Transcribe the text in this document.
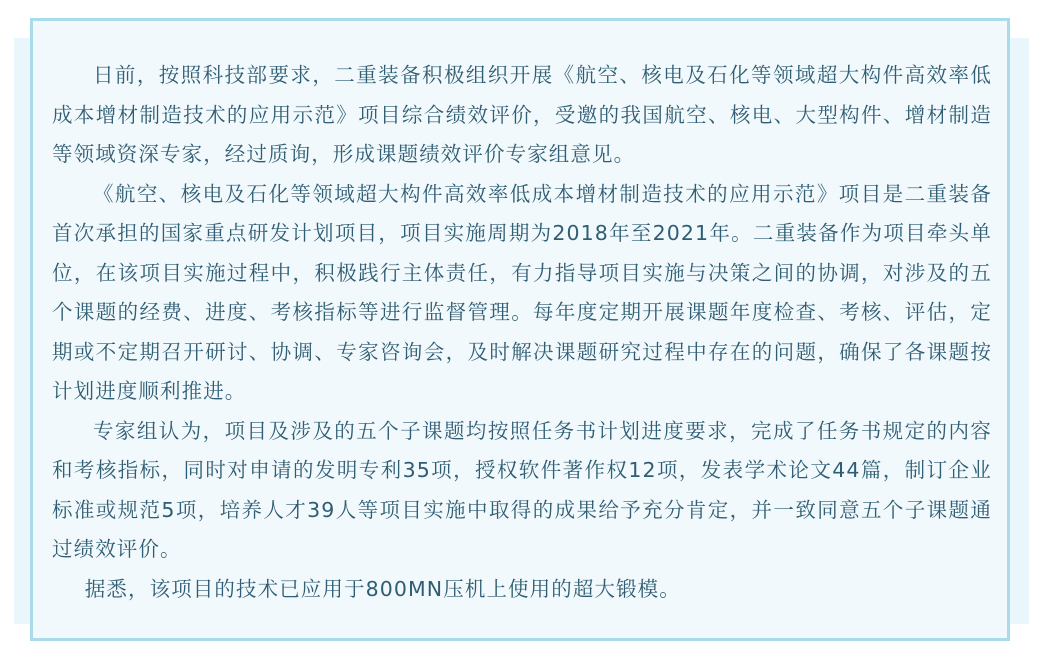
日前，按照科技部要求，二重装备积极组织开展《航空、核电及石化等领域超大构件高效率低成本增材制造技术的应用示范》项目综合绩效评价，受邀的我国航空、核电、大型构件、增材制造等领域资深专家，经过质询，形成课题绩效评价专家组意见。

《航空、核电及石化等领域超大构件高效率低成本增材制造技术的应用示范》项目是二重装备首次承担的国家重点研发计划项目，项目实施周期为2018年至2021年。二重装备作为项目牵头单位，在该项目实施过程中，积极践行主体责任，有力指导项目实施与决策之间的协调，对涉及的五个课题的经费、进度、考核指标等进行监督管理。每年度定期开展课题年度检查、考核、评估，定期或不定期召开研讨、协调、专家咨询会，及时解决课题研究过程中存在的问题，确保了各课题按计划进度顺利推进。

专家组认为，项目及涉及的五个子课题均按照任务书计划进度要求，完成了任务书规定的内容和考核指标，同时对申请的发明专利35项，授权软件著作权12项，发表学术论文44篇，制订企业标准或规范5项，培养人才39人等项目实施中取得的成果给予充分肯定，并一致同意五个子课题通过绩效评价。

据悉，该项目的技术已应用于800MN压机上使用的超大锻模。
